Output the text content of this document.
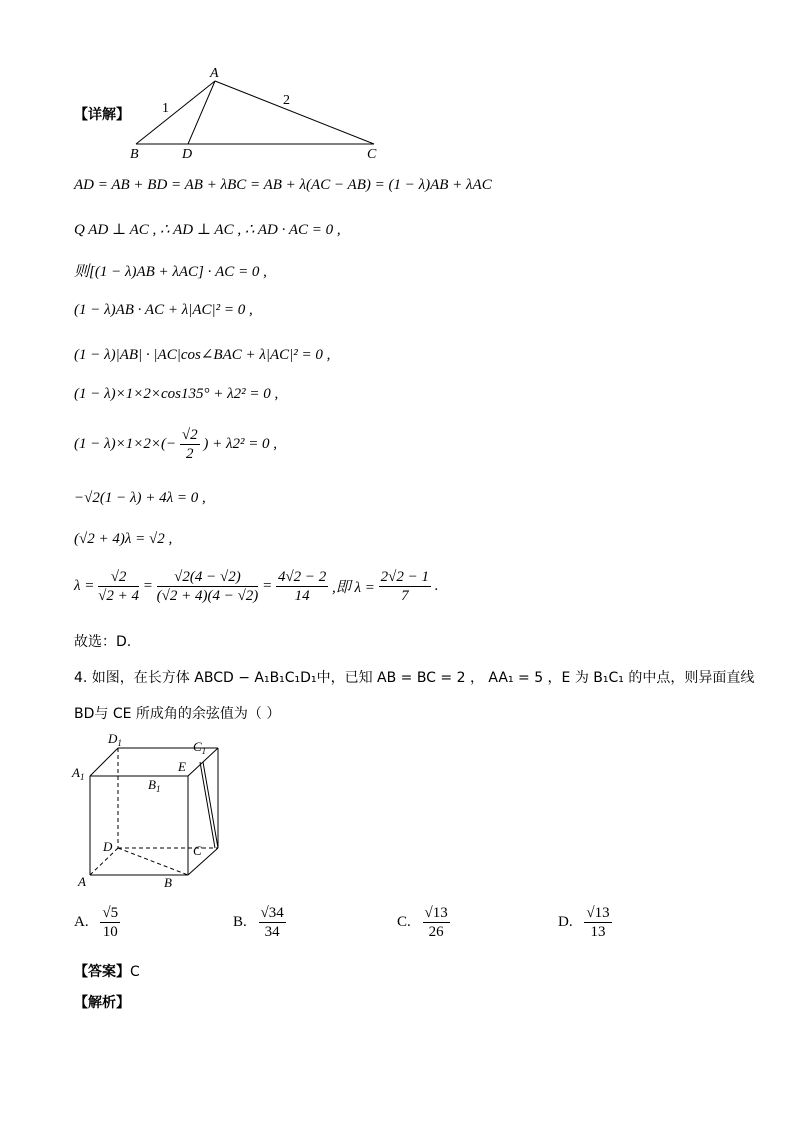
A
B	D	C
1
2
【详解】
AD = AB + BD = AB + λBC = AB + λ(AC − AB) = (1 − λ)AB + λAC
Q AD ⊥ AC , ∴ AD ⊥ AC , ∴ AD · AC = 0 ,
则[(1 − λ)AB + λAC] · AC = 0 ,
(1 − λ)AB · AC + λ|AC|² = 0 ,
(1 − λ)|AB| · |AC|cos∠BAC + λ|AC|² = 0 ,
(1 − λ)×1×2×cos135° + λ2² = 0 ,
$(1 - \lambda)\times 1\times 2\times(- \frac{√2}{2}$ ) + λ2² = 0 ,
−√2(1 − λ) + 4λ = 0 ,
(√2 + 4)λ = √2 ,
$\lambda = \frac{√2}{√2 + 4} = \frac{√2(4 - √2)}{(√2 + 4)(4 - √2)} = \frac{4√2 - 2}{14}$ ,即 $\lambda = \frac{2√2 - 1}{7}$ .
故选：D.
4. 如图，在长方体 ABCD − A₁B₁C₁D₁中，已知 AB = BC = 2 ， AA₁ = 5 ，E 为 B₁C₁ 的中点，则异面直线
BD与 CE 所成角的余弦值为（ ）
$D_1$	$C_1$
$A_1$	$B_1$
E
D	C
A	B
A. $\frac{√5}{10}$	B. $\frac{√34}{34}$	C. $\frac{√13}{26}$	D. $\frac{√13}{13}$
【答案】C
【解析】
